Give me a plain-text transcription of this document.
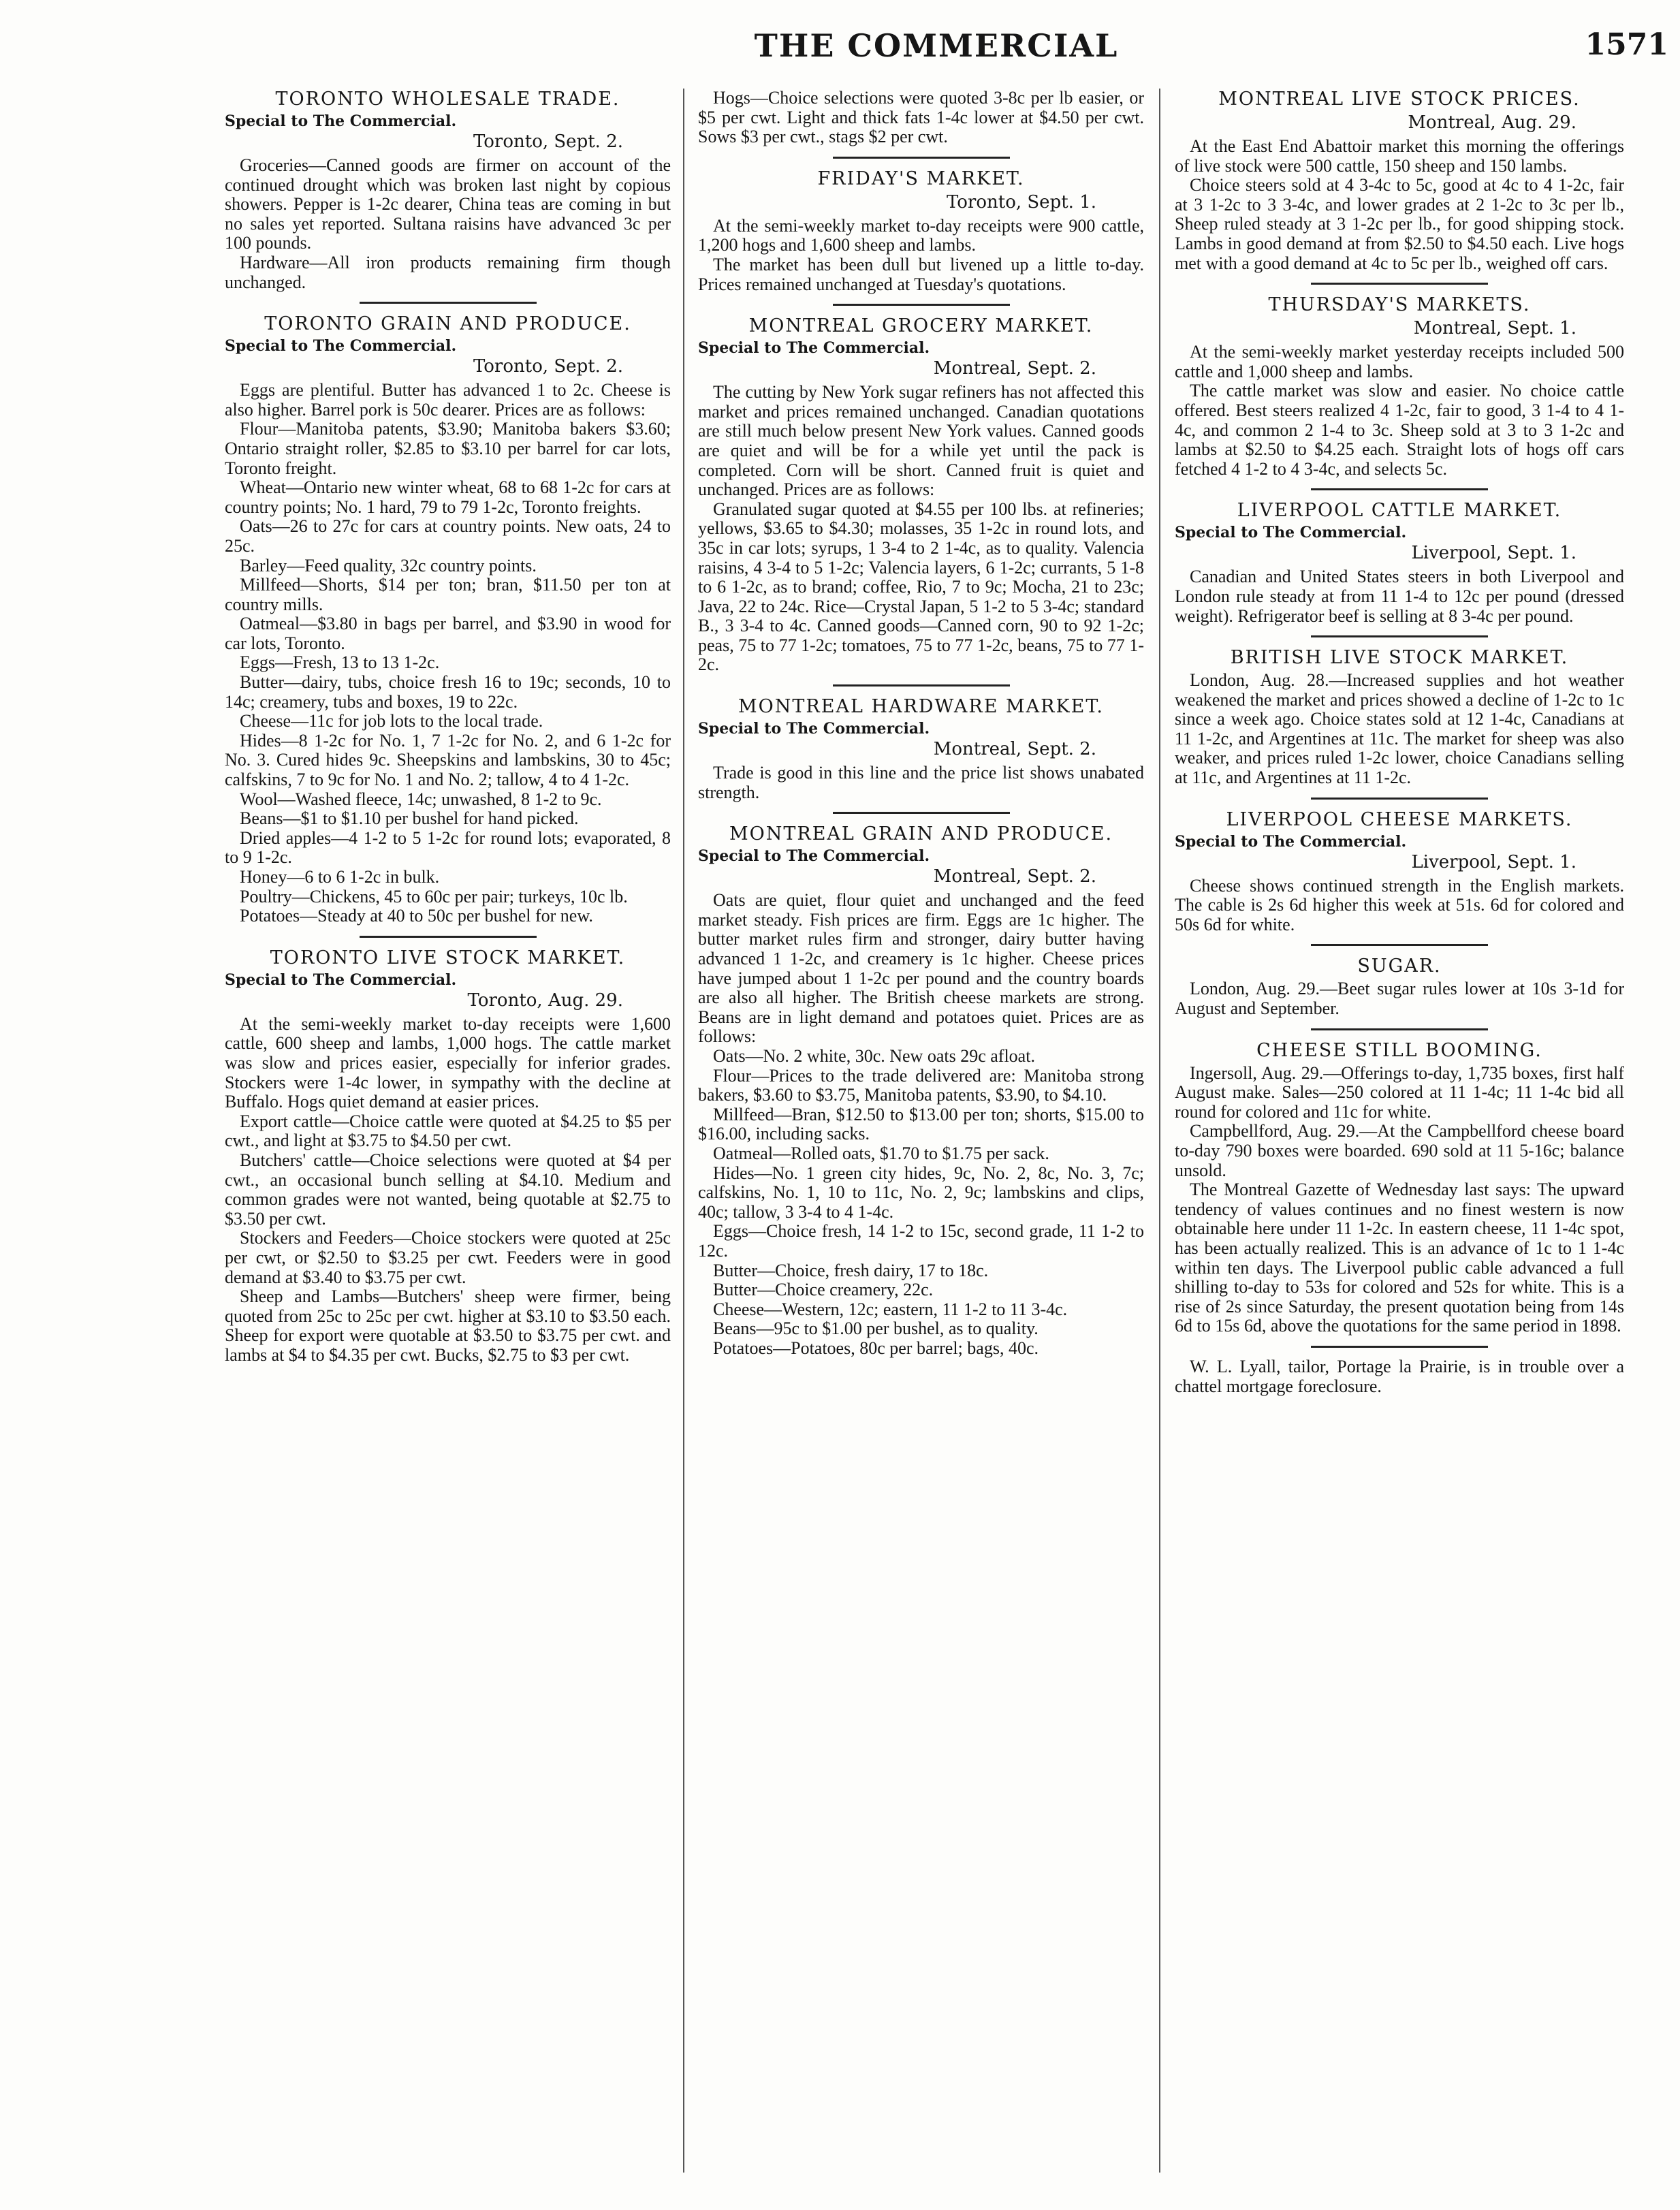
THE COMMERCIAL	1571
TORONTO WHOLESALE TRADE.
Special to The Commercial.
Toronto, Sept. 2.

Groceries—Canned goods are firmer on account of the continued drought which was broken last night by copious showers. Pepper is 1-2c dearer, China teas are coming in but no sales yet reported. Sultana raisins have advanced 3c per 100 pounds.

Hardware—All iron products remaining firm though unchanged.

TORONTO GRAIN AND PRODUCE.
Special to The Commercial.
Toronto, Sept. 2.

Eggs are plentiful. Butter has advanced 1 to 2c. Cheese is also higher. Barrel pork is 50c dearer. Prices are as follows:

Flour—Manitoba patents, $3.90; Manitoba bakers $3.60; Ontario straight roller, $2.85 to $3.10 per barrel for car lots, Toronto freight.

Wheat—Ontario new winter wheat, 68 to 68 1-2c for cars at country points; No. 1 hard, 79 to 79 1-2c, Toronto freights.

Oats—26 to 27c for cars at country points. New oats, 24 to 25c.

Barley—Feed quality, 32c country points.

Millfeed—Shorts, $14 per ton; bran, $11.50 per ton at country mills.

Oatmeal—$3.80 in bags per barrel, and $3.90 in wood for car lots, Toronto.

Eggs—Fresh, 13 to 13 1-2c.

Butter—dairy, tubs, choice fresh 16 to 19c; seconds, 10 to 14c; creamery, tubs and boxes, 19 to 22c.

Cheese—11c for job lots to the local trade.

Hides—8 1-2c for No. 1, 7 1-2c for No. 2, and 6 1-2c for No. 3. Cured hides 9c. Sheepskins and lambskins, 30 to 45c; calfskins, 7 to 9c for No. 1 and No. 2; tallow, 4 to 4 1-2c.

Wool—Washed fleece, 14c; unwashed, 8 1-2 to 9c.

Beans—$1 to $1.10 per bushel for hand picked.

Dried apples—4 1-2 to 5 1-2c for round lots; evaporated, 8 to 9 1-2c.

Honey—6 to 6 1-2c in bulk.

Poultry—Chickens, 45 to 60c per pair; turkeys, 10c lb.

Potatoes—Steady at 40 to 50c per bushel for new.

TORONTO LIVE STOCK MARKET.
Special to The Commercial.
Toronto, Aug. 29.

At the semi-weekly market to-day receipts were 1,600 cattle, 600 sheep and lambs, 1,000 hogs. The cattle market was slow and prices easier, especially for inferior grades. Stockers were 1-4c lower, in sympathy with the decline at Buffalo. Hogs quiet demand at easier prices.

Export cattle—Choice cattle were quoted at $4.25 to $5 per cwt., and light at $3.75 to $4.50 per cwt.

Butchers' cattle—Choice selections were quoted at $4 per cwt., an occasional bunch selling at $4.10. Medium and common grades were not wanted, being quotable at $2.75 to $3.50 per cwt.

Stockers and Feeders—Choice stockers were quoted at 25c per cwt, or $2.50 to $3.25 per cwt. Feeders were in good demand at $3.40 to $3.75 per cwt.

Sheep and Lambs—Butchers' sheep were firmer, being quoted from 25c to 25c per cwt. higher at $3.10 to $3.50 each. Sheep for export were quotable at $3.50 to $3.75 per cwt. and lambs at $4 to $4.35 per cwt. Bucks, $2.75 to $3 per cwt.

Hogs—Choice selections were quoted 3-8c per lb easier, or $5 per cwt. Light and thick fats 1-4c lower at $4.50 per cwt. Sows $3 per cwt., stags $2 per cwt.

FRIDAY'S MARKET.
Toronto, Sept. 1.

At the semi-weekly market to-day receipts were 900 cattle, 1,200 hogs and 1,600 sheep and lambs.

The market has been dull but livened up a little to-day. Prices remained unchanged at Tuesday's quotations.

MONTREAL GROCERY MARKET.
Special to The Commercial.
Montreal, Sept. 2.

The cutting by New York sugar refiners has not affected this market and prices remained unchanged. Canadian quotations are still much below present New York values. Canned goods are quiet and will be for a while yet until the pack is completed. Corn will be short. Canned fruit is quiet and unchanged. Prices are as follows:

Granulated sugar quoted at $4.55 per 100 lbs. at refineries; yellows, $3.65 to $4.30; molasses, 35 1-2c in round lots, and 35c in car lots; syrups, 1 3-4 to 2 1-4c, as to quality. Valencia raisins, 4 3-4 to 5 1-2c; Valencia layers, 6 1-2c; currants, 5 1-8 to 6 1-2c, as to brand; coffee, Rio, 7 to 9c; Mocha, 21 to 23c; Java, 22 to 24c. Rice—Crystal Japan, 5 1-2 to 5 3-4c; standard B., 3 3-4 to 4c. Canned goods—Canned corn, 90 to 92 1-2c; peas, 75 to 77 1-2c; tomatoes, 75 to 77 1-2c, beans, 75 to 77 1-2c.

MONTREAL HARDWARE MARKET.
Special to The Commercial.
Montreal, Sept. 2.

Trade is good in this line and the price list shows unabated strength.

MONTREAL GRAIN AND PRODUCE.
Special to The Commercial.
Montreal, Sept. 2.

Oats are quiet, flour quiet and unchanged and the feed market steady. Fish prices are firm. Eggs are 1c higher. The butter market rules firm and stronger, dairy butter having advanced 1 1-2c, and creamery is 1c higher. Cheese prices have jumped about 1 1-2c per pound and the country boards are also all higher. The British cheese markets are strong. Beans are in light demand and potatoes quiet. Prices are as follows:

Oats—No. 2 white, 30c. New oats 29c afloat.

Flour—Prices to the trade delivered are: Manitoba strong bakers, $3.60 to $3.75, Manitoba patents, $3.90, to $4.10.

Millfeed—Bran, $12.50 to $13.00 per ton; shorts, $15.00 to $16.00, including sacks.

Oatmeal—Rolled oats, $1.70 to $1.75 per sack.

Hides—No. 1 green city hides, 9c, No. 2, 8c, No. 3, 7c; calfskins, No. 1, 10 to 11c, No. 2, 9c; lambskins and clips, 40c; tallow, 3 3-4 to 4 1-4c.

Eggs—Choice fresh, 14 1-2 to 15c, second grade, 11 1-2 to 12c.

Butter—Choice, fresh dairy, 17 to 18c.

Butter—Choice creamery, 22c.

Cheese—Western, 12c; eastern, 11 1-2 to 11 3-4c.

Beans—95c to $1.00 per bushel, as to quality.

Potatoes—Potatoes, 80c per barrel; bags, 40c.

MONTREAL LIVE STOCK PRICES.
Montreal, Aug. 29.

At the East End Abattoir market this morning the offerings of live stock were 500 cattle, 150 sheep and 150 lambs.

Choice steers sold at 4 3-4c to 5c, good at 4c to 4 1-2c, fair at 3 1-2c to 3 3-4c, and lower grades at 2 1-2c to 3c per lb., Sheep ruled steady at 3 1-2c per lb., for good shipping stock. Lambs in good demand at from $2.50 to $4.50 each. Live hogs met with a good demand at 4c to 5c per lb., weighed off cars.

THURSDAY'S MARKETS.
Montreal, Sept. 1.

At the semi-weekly market yesterday receipts included 500 cattle and 1,000 sheep and lambs.

The cattle market was slow and easier. No choice cattle offered. Best steers realized 4 1-2c, fair to good, 3 1-4 to 4 1-4c, and common 2 1-4 to 3c. Sheep sold at 3 to 3 1-2c and lambs at $2.50 to $4.25 each. Straight lots of hogs off cars fetched 4 1-2 to 4 3-4c, and selects 5c.

LIVERPOOL CATTLE MARKET.
Special to The Commercial.
Liverpool, Sept. 1.

Canadian and United States steers in both Liverpool and London rule steady at from 11 1-4 to 12c per pound (dressed weight). Refrigerator beef is selling at 8 3-4c per pound.

BRITISH LIVE STOCK MARKET.

London, Aug. 28.—Increased supplies and hot weather weakened the market and prices showed a decline of 1-2c to 1c since a week ago. Choice states sold at 12 1-4c, Canadians at 11 1-2c, and Argentines at 11c. The market for sheep was also weaker, and prices ruled 1-2c lower, choice Canadians selling at 11c, and Argentines at 11 1-2c.

LIVERPOOL CHEESE MARKETS.
Special to The Commercial.
Liverpool, Sept. 1.

Cheese shows continued strength in the English markets. The cable is 2s 6d higher this week at 51s. 6d for colored and 50s 6d for white.

SUGAR.

London, Aug. 29.—Beet sugar rules lower at 10s 3-1d for August and September.

CHEESE STILL BOOMING.

Ingersoll, Aug. 29.—Offerings to-day, 1,735 boxes, first half August make. Sales—250 colored at 11 1-4c; 11 1-4c bid all round for colored and 11c for white.

Campbellford, Aug. 29.—At the Campbellford cheese board to-day 790 boxes were boarded. 690 sold at 11 5-16c; balance unsold.

The Montreal Gazette of Wednesday last says: The upward tendency of values continues and no finest western is now obtainable here under 11 1-2c. In eastern cheese, 11 1-4c spot, has been actually realized. This is an advance of 1c to 1 1-4c within ten days. The Liverpool public cable advanced a full shilling to-day to 53s for colored and 52s for white. This is a rise of 2s since Saturday, the present quotation being from 14s 6d to 15s 6d, above the quotations for the same period in 1898.

W. L. Lyall, tailor, Portage la Prairie, is in trouble over a chattel mortgage foreclosure.
